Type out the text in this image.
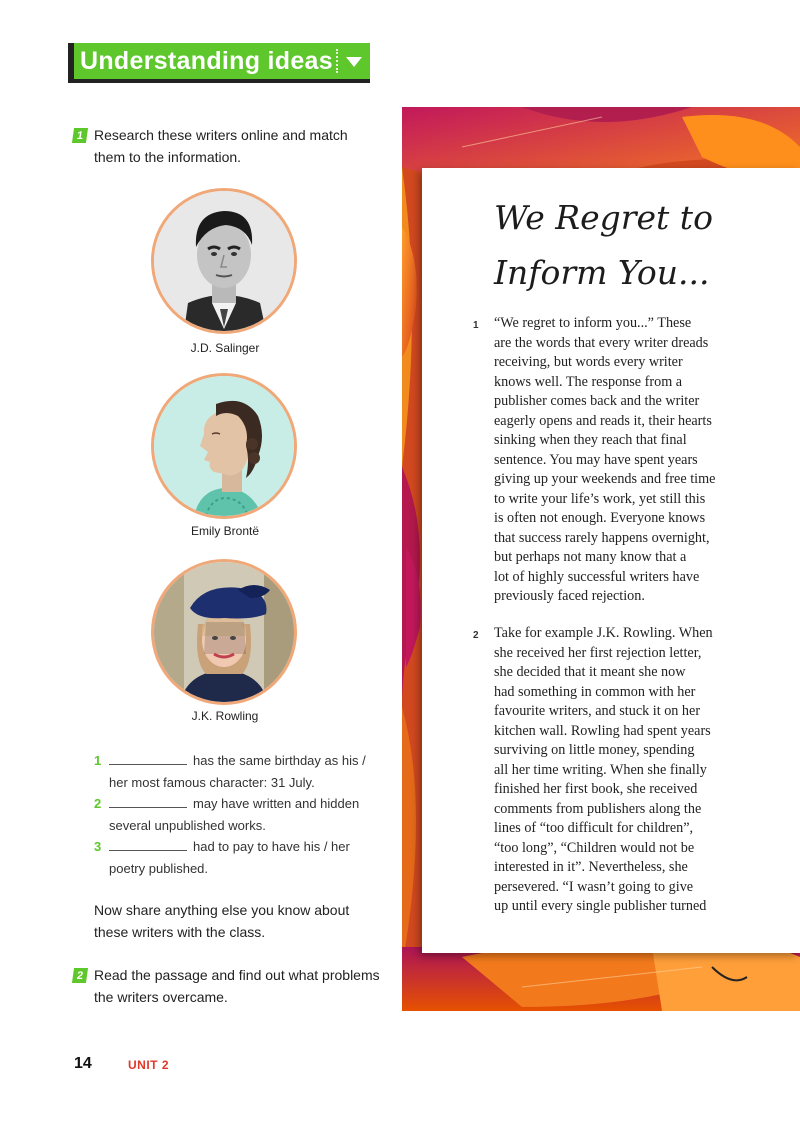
Understanding ideas
1 Research these writers online and match
them to the information.
J.D. Salinger
Emily Brontë
J.K. Rowling
1	has the same birthday as his /
her most famous character: 31 July.
2	may have written and hidden
several unpublished works.
3	had to pay to have his / her
poetry published.
Now share anything else you know about
these writers with the class.
2 Read the passage and find out what problems
the writers overcame.
14	UNIT 2
We Regret to
Inform You...
1 “We regret to inform you...” These
are the words that every writer dreads
receiving, but words every writer
knows well. The response from a
publisher comes back and the writer
eagerly opens and reads it, their hearts
sinking when they reach that final
sentence. You may have spent years
giving up your weekends and free time
to write your life’s work, yet still this
is often not enough. Everyone knows
that success rarely happens overnight,
but perhaps not many know that a
lot of highly successful writers have
previously faced rejection.
2 Take for example J.K. Rowling. When
she received her first rejection letter,
she decided that it meant she now
had something in common with her
favourite writers, and stuck it on her
kitchen wall. Rowling had spent years
surviving on little money, spending
all her time writing. When she finally
finished her first book, she received
comments from publishers along the
lines of “too difficult for children”,
“too long”, “Children would not be
interested in it”. Nevertheless, she
persevered. “I wasn’t going to give
up until every single publisher turned
